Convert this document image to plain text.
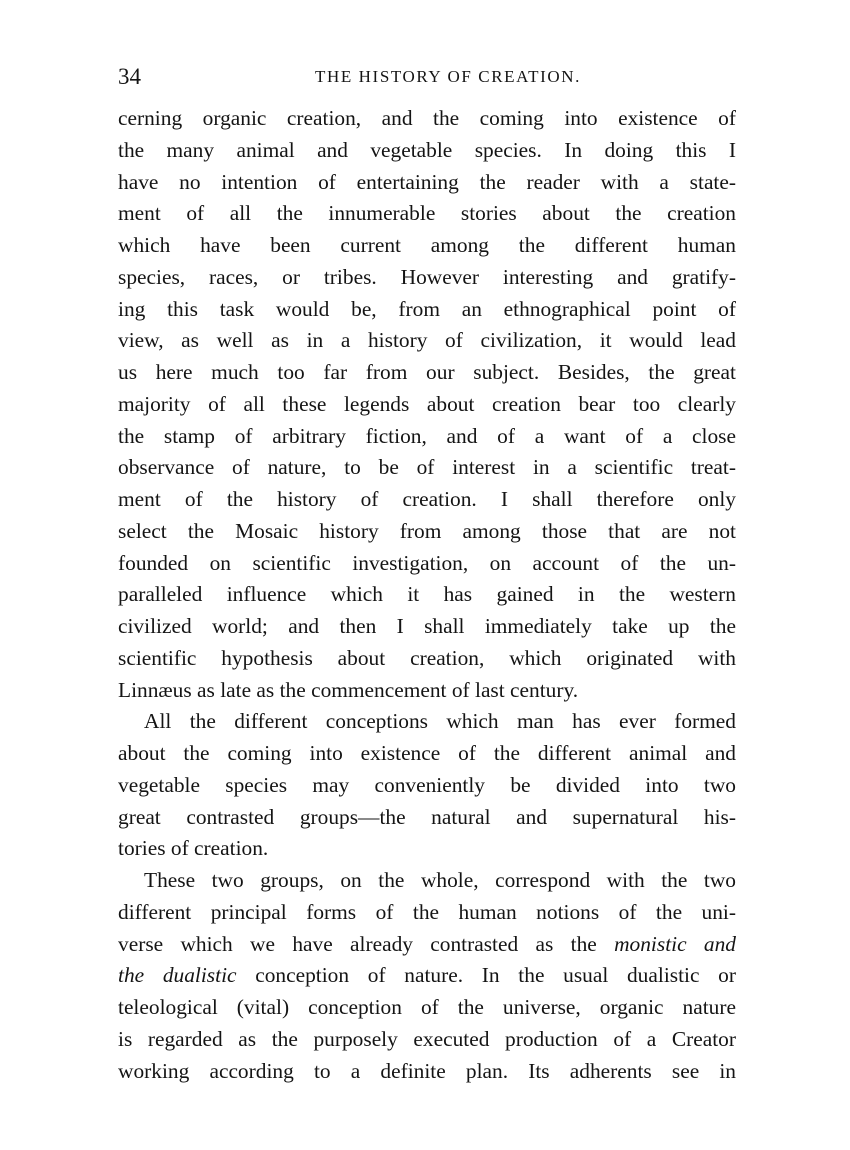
34	THE HISTORY OF CREATION.
cerning organic creation, and the coming into existence of
the many animal and vegetable species. In doing this I
have no intention of entertaining the reader with a state-
ment of all the innumerable stories about the creation
which have been current among the different human
species, races, or tribes. However interesting and gratify-
ing this task would be, from an ethnographical point of
view, as well as in a history of civilization, it would lead
us here much too far from our subject. Besides, the great
majority of all these legends about creation bear too clearly
the stamp of arbitrary fiction, and of a want of a close
observance of nature, to be of interest in a scientific treat-
ment of the history of creation. I shall therefore only
select the Mosaic history from among those that are not
founded on scientific investigation, on account of the un-
paralleled influence which it has gained in the western
civilized world; and then I shall immediately take up the
scientific hypothesis about creation, which originated with
Linnæus as late as the commencement of last century.
All the different conceptions which man has ever formed
about the coming into existence of the different animal and
vegetable species may conveniently be divided into two
great contrasted groups—the natural and supernatural his-
tories of creation.
These two groups, on the whole, correspond with the two
different principal forms of the human notions of the uni-
verse which we have already contrasted as the monistic and
the dualistic conception of nature. In the usual dualistic or
teleological (vital) conception of the universe, organic nature
is regarded as the purposely executed production of a Creator
working according to a definite plan. Its adherents see in
